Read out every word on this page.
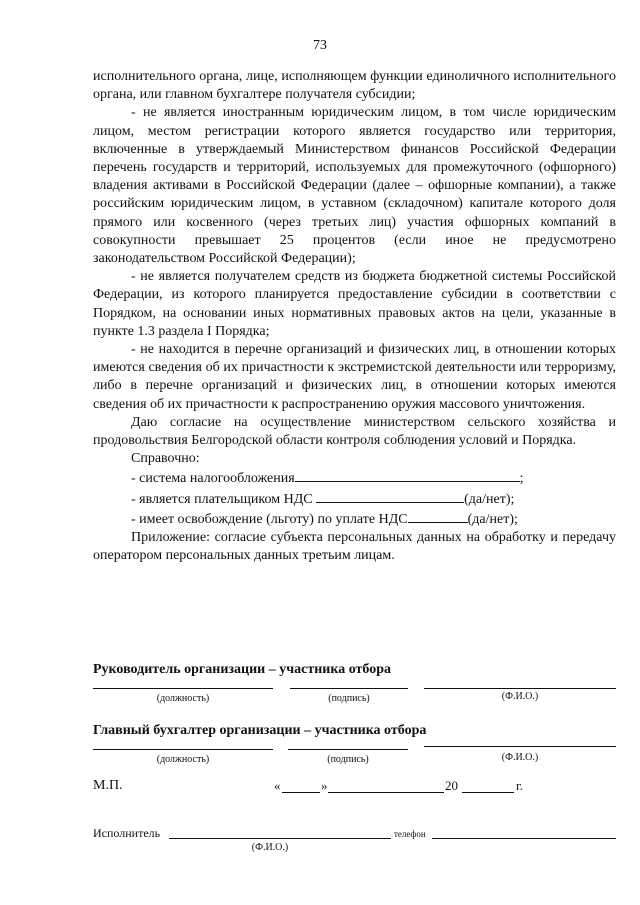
73

исполнительного органа, лице, исполняющем функции единоличного исполнительного органа, или главном бухгалтере получателя субсидии;

- не является иностранным юридическим лицом, в том числе юридическим лицом, местом регистрации которого является государство или территория, включенные в утверждаемый Министерством финансов Российской Федерации перечень государств и территорий, используемых для промежуточного (офшорного) владения активами в Российской Федерации (далее – офшорные компании), а также российским юридическим лицом, в уставном (складочном) капитале которого доля прямого или косвенного (через третьих лиц) участия офшорных компаний в совокупности превышает 25 процентов (если иное не предусмотрено законодательством Российской Федерации);

- не является получателем средств из бюджета бюджетной системы Российской Федерации, из которого планируется предоставление субсидии в соответствии с Порядком, на основании иных нормативных правовых актов на цели, указанные в пункте 1.3 раздела I Порядка;

- не находится в перечне организаций и физических лиц, в отношении которых имеются сведения об их причастности к экстремистской деятельности или терроризму, либо в перечне организаций и физических лиц, в отношении которых имеются сведения об их причастности к распространению оружия массового уничтожения.

Даю согласие на осуществление министерством сельского хозяйства и продовольствия Белгородской области контроля соблюдения условий и Порядка.

Справочно:
- система налогообложения	;
- является плательщиком НДС	(да/нет);
- имеет освобождение (льготу) по уплате НДС	(да/нет);

Приложение: согласие субъекта персональных данных на обработку и передачу оператором персональных данных третьим лицам.

Руководитель организации – участника отбора
(должность)	(подпись)	(Ф.И.О.)
Главный бухгалтер организации – участника отбора
(должность)	(подпись)	(Ф.И.О.)
М.П.	«	»	20	г.
Исполнитель	телефон
(Ф.И.О.)
